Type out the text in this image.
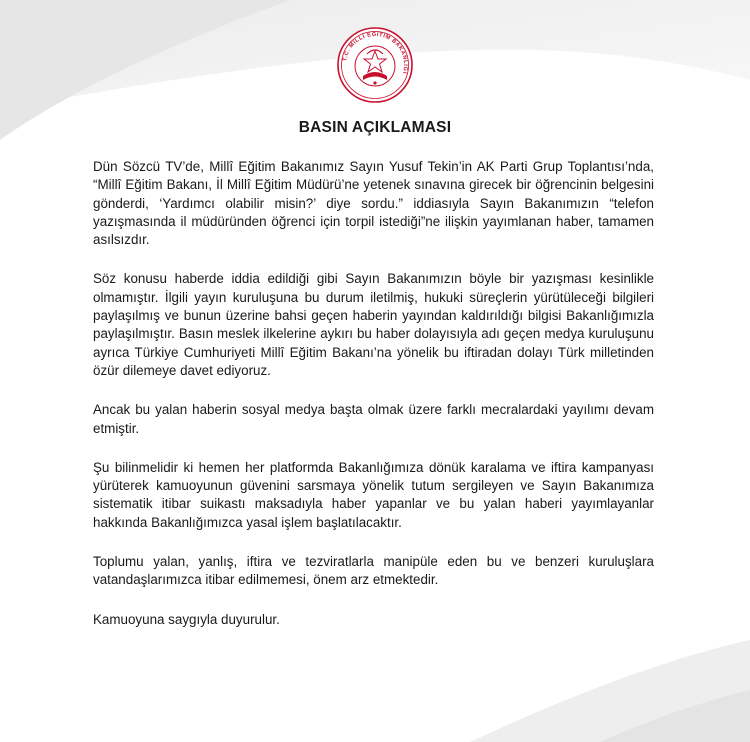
T.C. MİLLÎ EĞİTİM BAKANLIĞI
BASIN AÇIKLAMASI

Dün Sözcü TV’de, Millî Eğitim Bakanımız Sayın Yusuf Tekin’in AK Parti Grup Toplantısı’nda, “Millî Eğitim Bakanı, İl Millî Eğitim Müdürü’ne yetenek sınavına girecek bir öğrencinin belgesini gönderdi, ‘Yardımcı olabilir misin?’ diye sordu.” iddiasıyla Sayın Bakanımızın “telefon yazışmasında il müdüründen öğrenci için torpil istediği”ne ilişkin yayımlanan haber, tamamen asılsızdır.

Söz konusu haberde iddia edildiği gibi Sayın Bakanımızın böyle bir yazışması kesinlikle olmamıştır. İlgili yayın kuruluşuna bu durum iletilmiş, hukuki süreçlerin yürütüleceği bilgileri paylaşılmış ve bunun üzerine bahsi geçen haberin yayından kaldırıldığı bilgisi Bakanlığımızla paylaşılmıştır. Basın meslek ilkelerine aykırı bu haber dolayısıyla adı geçen medya kuruluşunu ayrıca Türkiye Cumhuriyeti Millî Eğitim Bakanı’na yönelik bu iftiradan dolayı Türk milletinden özür dilemeye davet ediyoruz.

Ancak bu yalan haberin sosyal medya başta olmak üzere farklı mecralardaki yayılımı devam etmiştir.

Şu bilinmelidir ki hemen her platformda Bakanlığımıza dönük karalama ve iftira kampanyası yürüterek kamuoyunun güvenini sarsmaya yönelik tutum sergileyen ve Sayın Bakanımıza sistematik itibar suikastı maksadıyla haber yapanlar ve bu yalan haberi yayımlayanlar hakkında Bakanlığımızca yasal işlem başlatılacaktır.

Toplumu yalan, yanlış, iftira ve tezviratlarla manipüle eden bu ve benzeri kuruluşlara vatandaşlarımızca itibar edilmemesi, önem arz etmektedir.

Kamuoyuna saygıyla duyurulur.
